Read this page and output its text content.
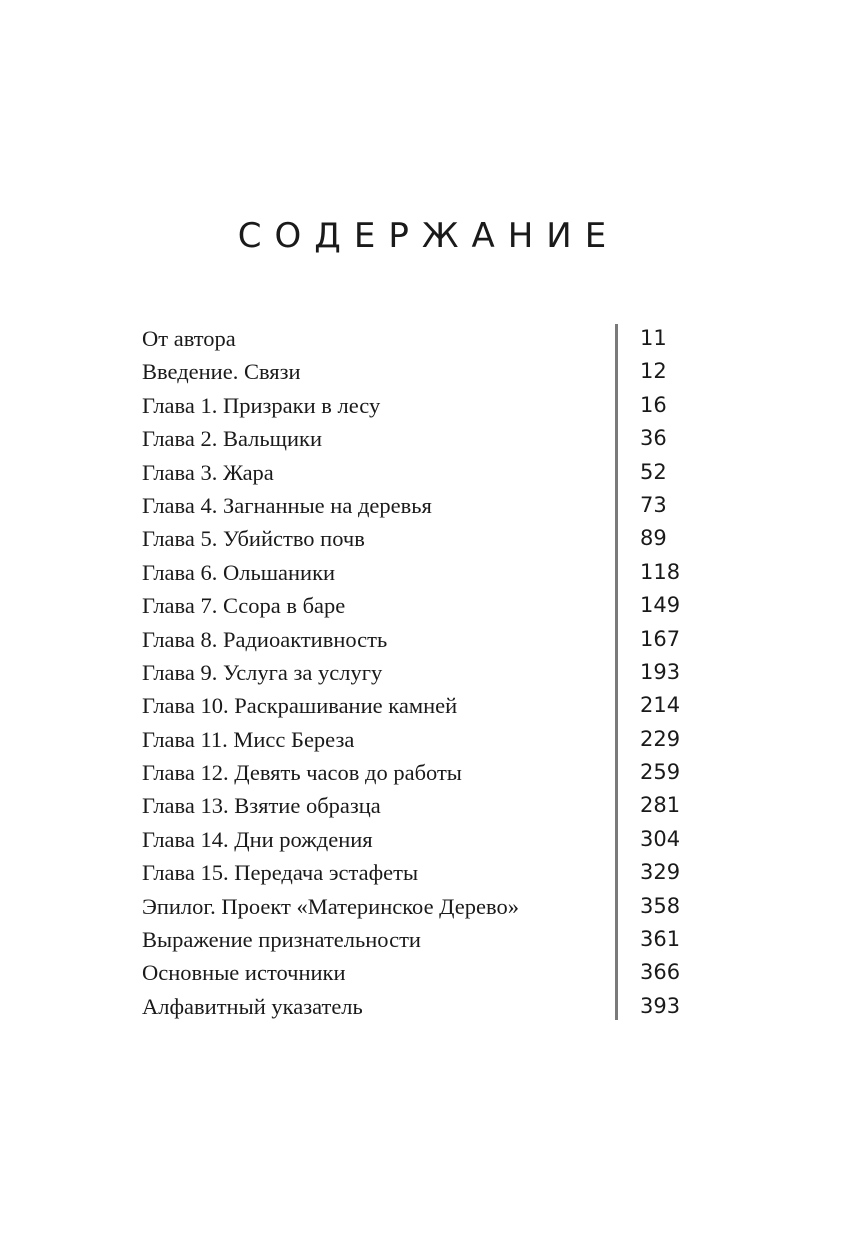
СОДЕРЖАНИЕ
От автора	11
Введение. Связи	12
Глава 1. Призраки в лесу	16
Глава 2. Вальщики	36
Глава 3. Жара	52
Глава 4. Загнанные на деревья	73
Глава 5. Убийство почв	89
Глава 6. Ольшаники	118
Глава 7. Ссора в баре	149
Глава 8. Радиоактивность	167
Глава 9. Услуга за услугу	193
Глава 10. Раскрашивание камней	214
Глава 11. Мисс Береза	229
Глава 12. Девять часов до работы	259
Глава 13. Взятие образца	281
Глава 14. Дни рождения	304
Глава 15. Передача эстафеты	329
Эпилог. Проект «Материнское Дерево»	358
Выражение признательности	361
Основные источники	366
Алфавитный указатель	393
